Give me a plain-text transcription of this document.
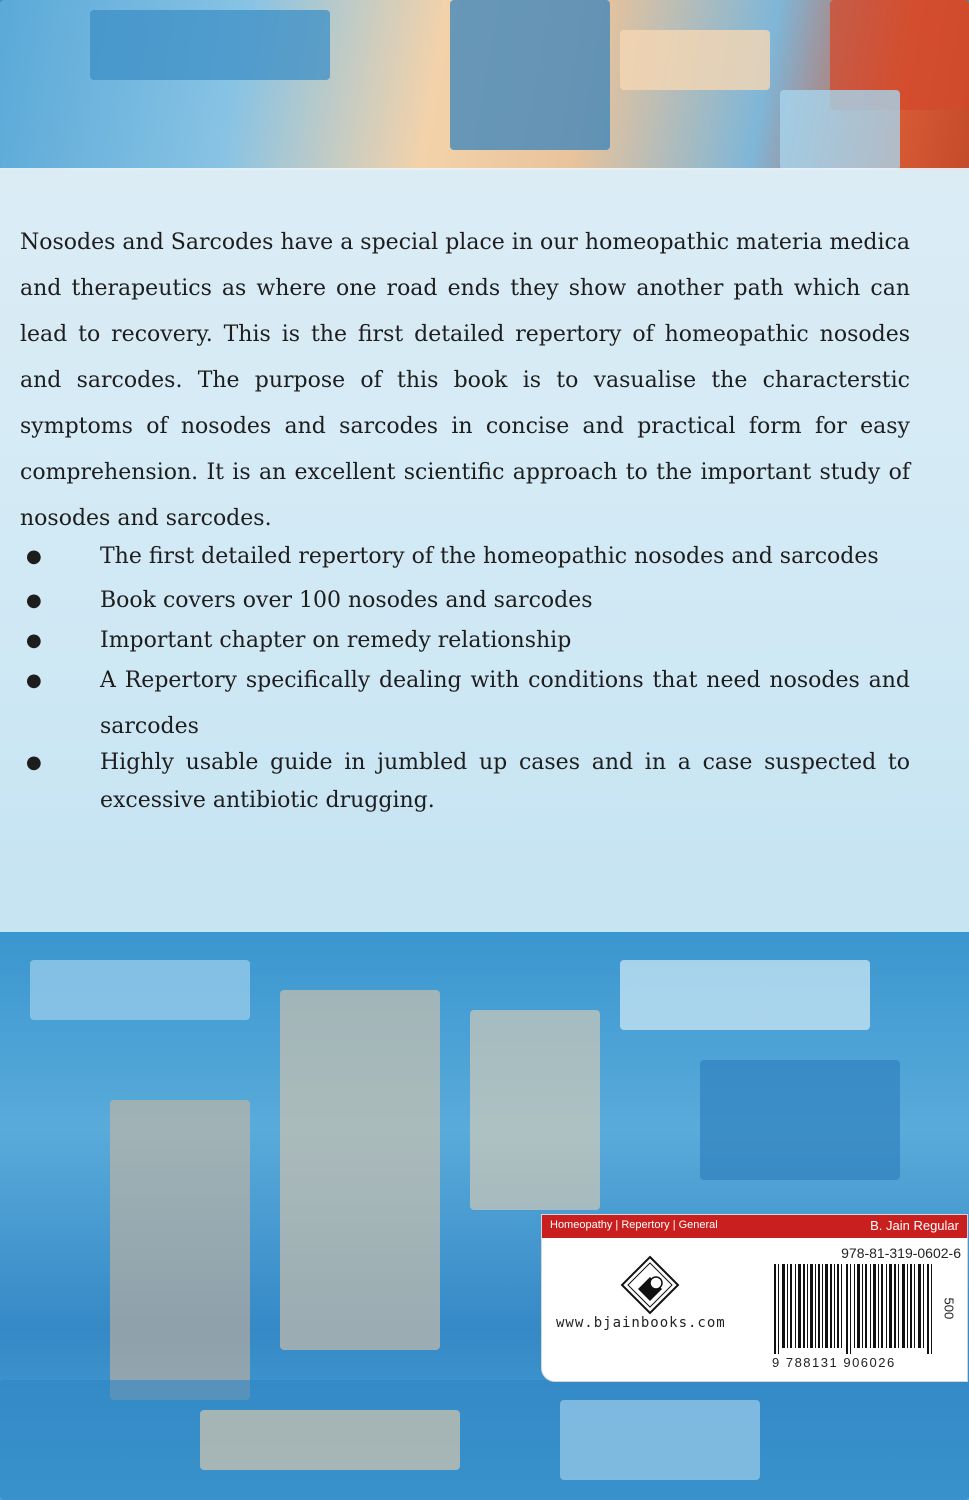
Nosodes and Sarcodes have a special place in our homeopathic materia medica and therapeutics as where one road ends they show another path which can lead to recovery. This is the first detailed repertory of homeopathic nosodes and sarcodes. The purpose of this book is to vasualise the characterstic symptoms of nosodes and sarcodes in concise and practical form for easy comprehension. It is an excellent scientific approach to the important study of nosodes and sarcodes.

●	The first detailed repertory of the homeopathic nosodes and sarcodes
●	Book covers over 100 nosodes and sarcodes
●	Important chapter on remedy relationship
●	A Repertory specifically dealing with conditions that need nosodes and sarcodes
●	Highly usable guide in jumbled up cases and in a case suspected to excessive antibiotic drugging.
Homeopathy | Repertory | General	B. Jain Regular
978-81-319-0602-6
www.bjainbooks.com
9 788131 906026
500
